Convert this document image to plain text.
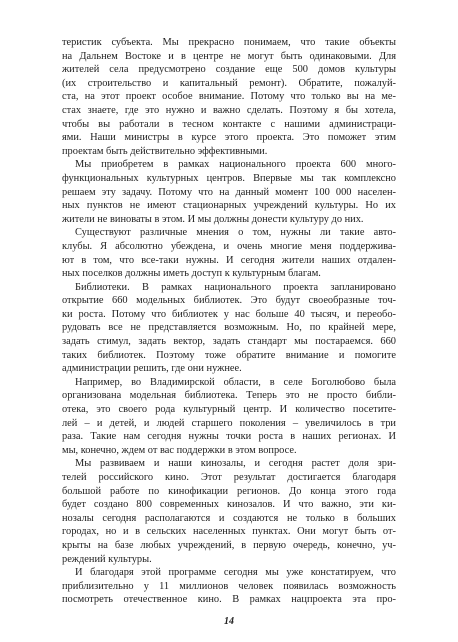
теристик субъекта. Мы прекрасно понимаем, что такие объекты
на Дальнем Востоке и в центре не могут быть одинаковыми. Для
жителей села предусмотрено создание еще 500 домов культуры
(их строительство и капитальный ремонт). Обратите, пожалуй-
ста, на этот проект особое внимание. Потому что только вы на ме-
стах знаете, где это нужно и важно сделать. Поэтому я бы хотела,
чтобы вы работали в тесном контакте с нашими администраци-
ями. Наши министры в курсе этого проекта. Это поможет этим
проектам быть действительно эффективными.
Мы приобретем в рамках национального проекта 600 много-
функциональных культурных центров. Впервые мы так комплексно
решаем эту задачу. Потому что на данный момент 100 000 населен-
ных пунктов не имеют стационарных учреждений культуры. Но их
жители не виноваты в этом. И мы должны донести культуру до них.
Существуют различные мнения о том, нужны ли такие авто-
клубы. Я абсолютно убеждена, и очень многие меня поддержива-
ют в том, что все-таки нужны. И сегодня жители наших отдален-
ных поселков должны иметь доступ к культурным благам.
Библиотеки. В рамках национального проекта запланировано
открытие 660 модельных библиотек. Это будут своеобразные точ-
ки роста. Потому что библиотек у нас больше 40 тысяч, и переобо-
рудовать все не представляется возможным. Но, по крайней мере,
задать стимул, задать вектор, задать стандарт мы постараемся. 660
таких библиотек. Поэтому тоже обратите внимание и помогите
администрации решить, где они нужнее.
Например, во Владимирской области, в селе Боголюбово была
организована модельная библиотека. Теперь это не просто библи-
отека, это своего рода культурный центр. И количество посетите-
лей – и детей, и людей старшего поколения – увеличилось в три
раза. Такие нам сегодня нужны точки роста в наших регионах. И
мы, конечно, ждем от вас поддержки в этом вопросе.
Мы развиваем и наши кинозалы, и сегодня растет доля зри-
телей российского кино. Этот результат достигается благодаря
большой работе по кинофикации регионов. До конца этого года
будет создано 800 современных кинозалов. И что важно, эти ки-
нозалы сегодня располагаются и создаются не только в больших
городах, но и в сельских населенных пунктах. Они могут быть от-
крыты на базе любых учреждений, в первую очередь, конечно, уч-
реждений культуры.
И благодаря этой программе сегодня мы уже констатируем, что
приблизительно у 11 миллионов человек появилась возможность
посмотреть отечественное кино. В рамках нацпроекта эта про-
14
